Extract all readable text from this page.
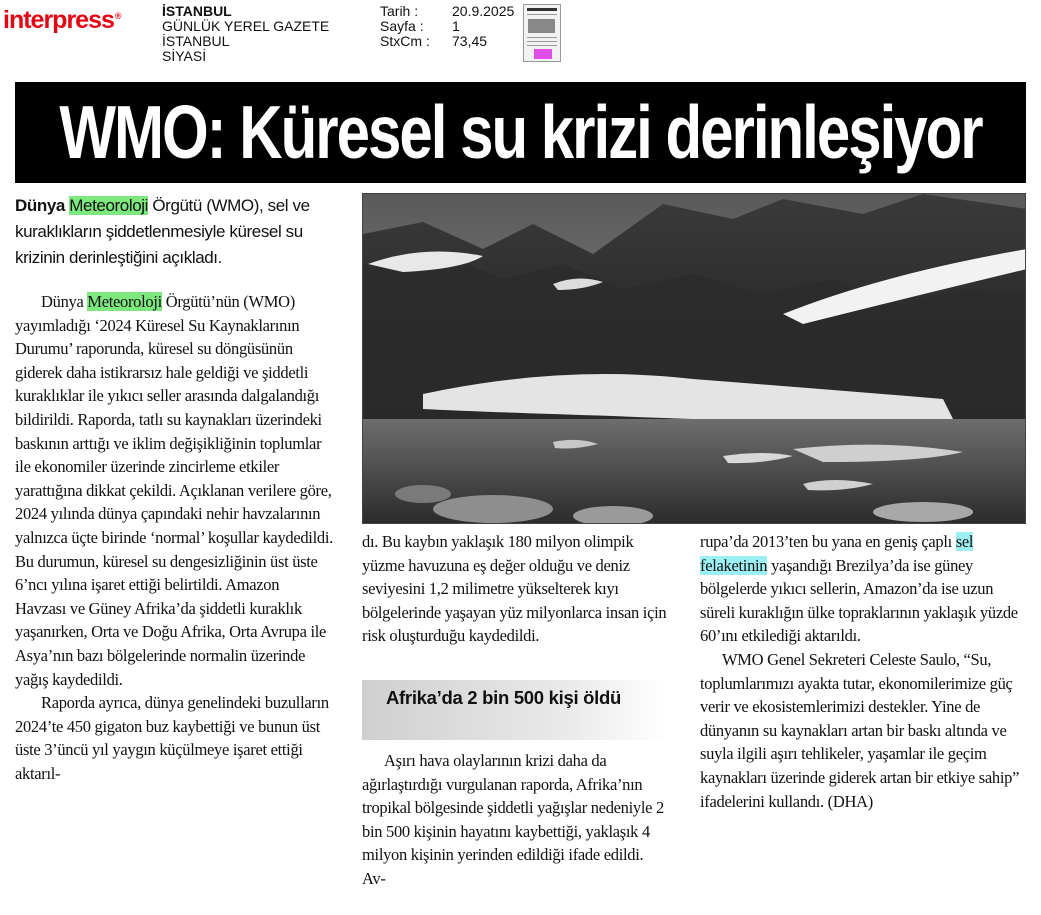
interpress®	İSTANBUL
GÜNLÜK YEREL GAZETE
İSTANBUL
SİYASİ
Tarih :	20.9.2025
Sayfa :	1
StxCm :	73,45
WMO: Küresel su krizi derinleşiyor
Dünya Meteoroloji Örgütü (WMO), sel ve kuraklıkların şiddetlenmesiyle küresel su krizinin derinleştiğini açıkladı.

Dünya Meteoroloji Örgütü’nün (WMO) yayımladığı ‘2024 Küresel Su Kaynaklarının Durumu’ raporunda, küresel su döngüsünün giderek daha istikrarsız hale geldiği ve şiddetli kuraklıklar ile yıkıcı seller arasında dalgalandığı bildirildi. Raporda, tatlı su kaynakları üzerindeki baskının arttığı ve iklim değişikliğinin toplumlar ile ekonomiler üzerinde zincirleme etkiler yarattığına dikkat çekildi. Açıklanan verilere göre, 2024 yılında dünya çapındaki nehir havzalarının yalnızca üçte birinde ‘normal’ koşullar kaydedildi. Bu durumun, küresel su dengesizliğinin üst üste 6’ncı yılına işaret ettiği belirtildi. Amazon Havzası ve Güney Afrika’da şiddetli kuraklık yaşanırken, Orta ve Doğu Afrika, Orta Avrupa ile Asya’nın bazı bölgelerinde normalin üzerinde yağış kaydedildi.

Raporda ayrıca, dünya genelindeki buzulların 2024’te 450 gigaton buz kaybettiği ve bunun üst üste 3’üncü yıl yaygın küçülmeye işaret ettiği aktarıl-

dı. Bu kaybın yaklaşık 180 milyon olimpik yüzme havuzuna eş değer olduğu ve deniz seviyesini 1,2 milimetre yükselterek kıyı bölgelerinde yaşayan yüz milyonlarca insan için risk oluşturduğu kaydedildi.

Afrika’da 2 bin 500 kişi öldü

Aşırı hava olaylarının krizi daha da ağırlaştırdığı vurgulanan raporda, Afrika’nın tropikal bölgesinde şiddetli yağışlar nedeniyle 2 bin 500 kişinin hayatını kaybettiği, yaklaşık 4 milyon kişinin yerinden edildiği ifade edildi. Av-

rupa’da 2013’ten bu yana en geniş çaplı sel felaketinin yaşandığı Brezilya’da ise güney bölgelerde yıkıcı sellerin, Amazon’da ise uzun süreli kuraklığın ülke topraklarının yaklaşık yüzde 60’ını etkilediği aktarıldı.

WMO Genel Sekreteri Celeste Saulo, “Su, toplumlarımızı ayakta tutar, ekonomilerimize güç verir ve ekosistemlerimizi destekler. Yine de dünyanın su kaynakları artan bir baskı altında ve suyla ilgili aşırı tehlikeler, yaşamlar ile geçim kaynakları üzerinde giderek artan bir etkiye sahip” ifadelerini kullandı. (DHA)
